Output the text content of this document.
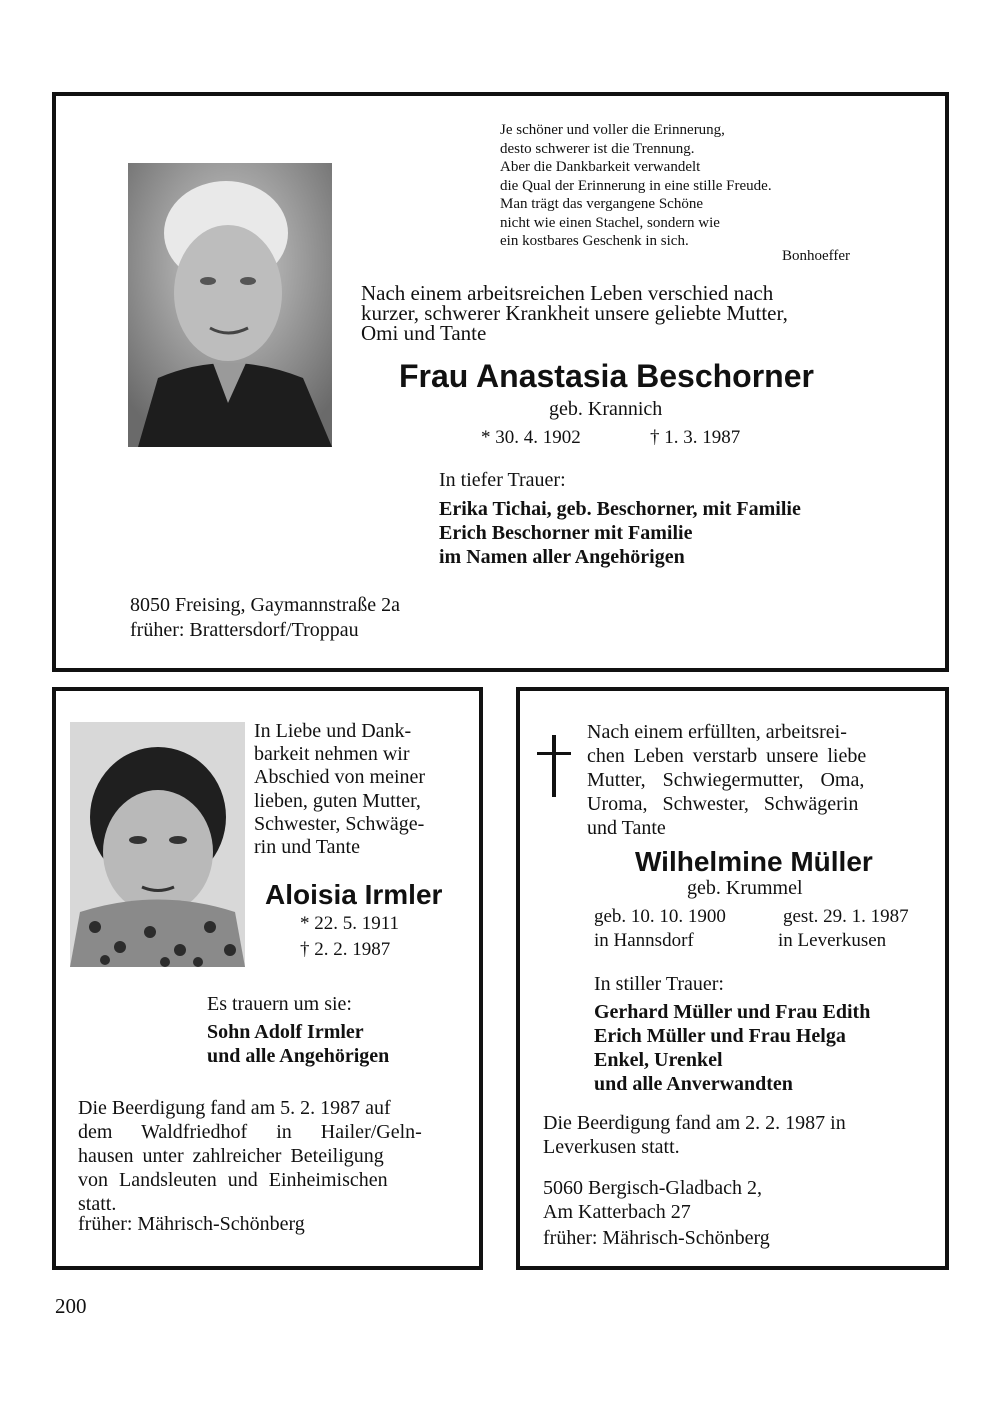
Je schöner und voller die Erinnerung,
desto schwerer ist die Trennung.
Aber die Dankbarkeit verwandelt
die Qual der Erinnerung in eine stille Freude.
Man trägt das vergangene Schöne
nicht wie einen Stachel, sondern wie
ein kostbares Geschenk in sich.
Bonhoeffer
Nach einem arbeitsreichen Leben verschied nach
kurzer, schwerer Krankheit unsere geliebte Mutter,
Omi und Tante
Frau Anastasia Beschorner
geb. Krannich
* 30. 4. 1902	† 1. 3. 1987
In tiefer Trauer:
Erika Tichai, geb. Beschorner, mit Familie
Erich Beschorner mit Familie
im Namen aller Angehörigen
8050 Freising, Gaymannstraße 2a
früher: Brattersdorf/Troppau
In Liebe und Dank-
barkeit nehmen wir
Abschied von meiner
lieben, guten Mutter,
Schwester, Schwäge-
rin und Tante
Aloisia Irmler
* 22. 5. 1911
† 2. 2. 1987
Es trauern um sie:
Sohn Adolf Irmler
und alle Angehörigen
Die Beerdigung fand am 5. 2. 1987 auf
dem Waldfriedhof in Hailer/Geln-
hausen unter zahlreicher Beteiligung
von Landsleuten und Einheimischen
statt.
früher: Mährisch-Schönberg
Nach einem erfüllten, arbeitsrei-
chen Leben verstarb unsere liebe
Mutter, Schwiegermutter, Oma,
Uroma, Schwester, Schwägerin
und Tante
Wilhelmine Müller
geb. Krummel
geb. 10. 10. 1900
in Hannsdorf
gest. 29. 1. 1987
in Leverkusen
In stiller Trauer:
Gerhard Müller und Frau Edith
Erich Müller und Frau Helga
Enkel, Urenkel
und alle Anverwandten
Die Beerdigung fand am 2. 2. 1987 in
Leverkusen statt.
5060 Bergisch-Gladbach 2,
Am Katterbach 27
früher: Mährisch-Schönberg
200
